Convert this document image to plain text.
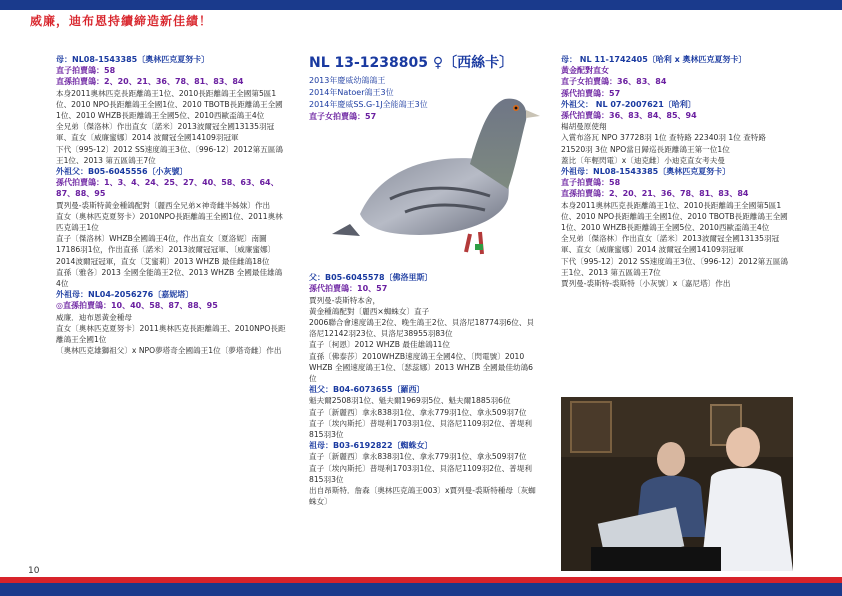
威廉，迪布恩持續締造新佳績！
母：NL08-1543385〔奧林匹克夏努卡〕
直子拍賣鴿：58
直孫拍賣鴿：2、20、21、36、78、81、83、84
本身2011奧林匹克長距離鴿王1位、2010長距離鴿王全國第5區1位、2010 NPO長距離鴿王全國1位、2010 TBOTB長距離鴿王全國1位、2010 WHZB長距離鴿王全國5位、2010西歐盃鴿王4位
全兄弟〔傑洛林〕作出直女〔諾米〕2013波爾冠全國13135羽冠軍、直女〔威廉蜜娜〕2014 波爾冠全國14109羽冠軍
下代〔995-12〕2012 SS速度鴿王3位、〔996-12〕2012第五區鴿王1位、2013 第五區鴿王7位
外祖父：B05-6045556〔小灰號〕
孫代拍賣鴿：1、3、4、24、25、27、40、58、63、64、87、88、95
賈列曼-裘斯特黃金種鴿配對〔麗西全兄弟×神奇雌半姊妹〕作出
直女（奧林匹克夏努卡）2010NPO長距離鴿王全國1位、2011奧林匹克鴿王1位
直子〔傑洛林〕WHZB全國鴿王4位，作出直女〔夏洛妮〕南圖17186羽1位，作出直孫〔諾米〕2013波爾冠冠軍、〔威廉蜜娜〕2014波爾冠冠軍，直女〔艾蜜莉〕2013 WHZB 最佳雌鴿18位
直孫〔雅各〕2013 全國全能鴿王2位、2013 WHZB 全國最佳雄鴿4位
外祖母：NL04-2056276〔嘉妮塔〕
◎直孫拍賣鴿：10、40、58、87、88、95
威廉．迪布恩黃金種母
直女〔奧林匹克夏努卡〕2011奧林匹克長距離鴿王、2010NPO長距離鴿王全國1位
〔奧林匹克雄獅祖父〕x NPO夢塔奇全國鴿王1位〔夢塔奇雌〕作出
NL 13-1238805 ♀〔西絲卡〕
2013年慶威幼鴿鴿王
2014年Natoer鴿王3位
2014年慶威SS.G-1J全能鴿王3位
直子女拍賣鴿：57
父：B05-6045578〔佛洛里斯〕
孫代拍賣鴿：10、57
賈列曼-裘斯特本舍，
黃金種鴿配對〔麗西×蜘蛛女〕直子
2006聯合會速度鴿王2位、晚生鴿王2位、貝洛尼18774羽6位、貝洛尼12142羽23位、貝洛尼38955羽83位
直子〔柯恩〕2012 WHZB 最佳雄鴿11位
直孫〔佛泰莎〕2010WHZB速度鴿王全國4位、〔閃電號〕2010 WHZB 全國速度鴿王1位、〔瑟蕊娜〕2013 WHZB 全國最佳幼鴿6位
祖父：B04-6073655〔羅西〕
魁夫爾2508羽1位、魁夫爾1969羽5位、魁夫爾1885羽6位
直子〔新麗西〕拿永838羽1位、拿永779羽1位、拿永509羽7位
直子〔埃內斯托〕普堤利1703羽1位、貝洛尼1109羽2位、普堤利815羽3位
祖母：B03-6192822〔蜘蛛女〕
直子〔新麗西〕拿永838羽1位、拿永779羽1位、拿永509羽7位
直子〔埃內斯托〕普堤利1703羽1位、貝洛尼1109羽2位、普堤利815羽3位
出自昂斯特．詹森〔奧林匹克鴿王003〕x賈列曼-裘斯特種母〔灰蜘蛛女〕
母： NL 11-1742405〔哈利 x 奧林匹克夏努卡〕
黃金配對直女
直子女拍賣鴿：36、83、84
孫代拍賣鴿：57
外祖父： NL 07-2007621〔哈利〕
孫代拍賣鴿：36、83、84、85、94
楊胡曼原使翔
入賞布洛瓦 NPO 37728羽 1位 查特路 22340羽 1位 查特路 21520羽 3位 NPO當日歸巡長距離鴿王第一位1位
蓋比〔年輕閃電〕x〔迪克雌〕小迪克直女考夫曼
外祖母：NL08-1543385〔奧林匹克夏努卡〕
直子拍賣鴿：58
直孫拍賣鴿：2、20、21、36、78、81、83、84
本身2011奧林匹克長距離鴿王1位、2010長距離鴿王全國第5區1位、2010 NPO長距離鴿王全國1位、2010 TBOTB長距離鴿王全國1位、2010 WHZB長距離鴿王全國5位、2010西歐盃鴿王4位
全兄弟〔傑洛林〕作出直女〔諾米〕2013波爾冠全國13135羽冠軍、直女〔威廉蜜娜〕2014 波爾冠全國14109羽冠軍
下代〔995-12〕2012 SS速度鴿王3位、〔996-12〕2012第五區鴿王1位、2013 第五區鴿王7位
賈列曼-裘斯特-裘斯特〔小灰號〕x〔嘉尼塔〕作出
10
